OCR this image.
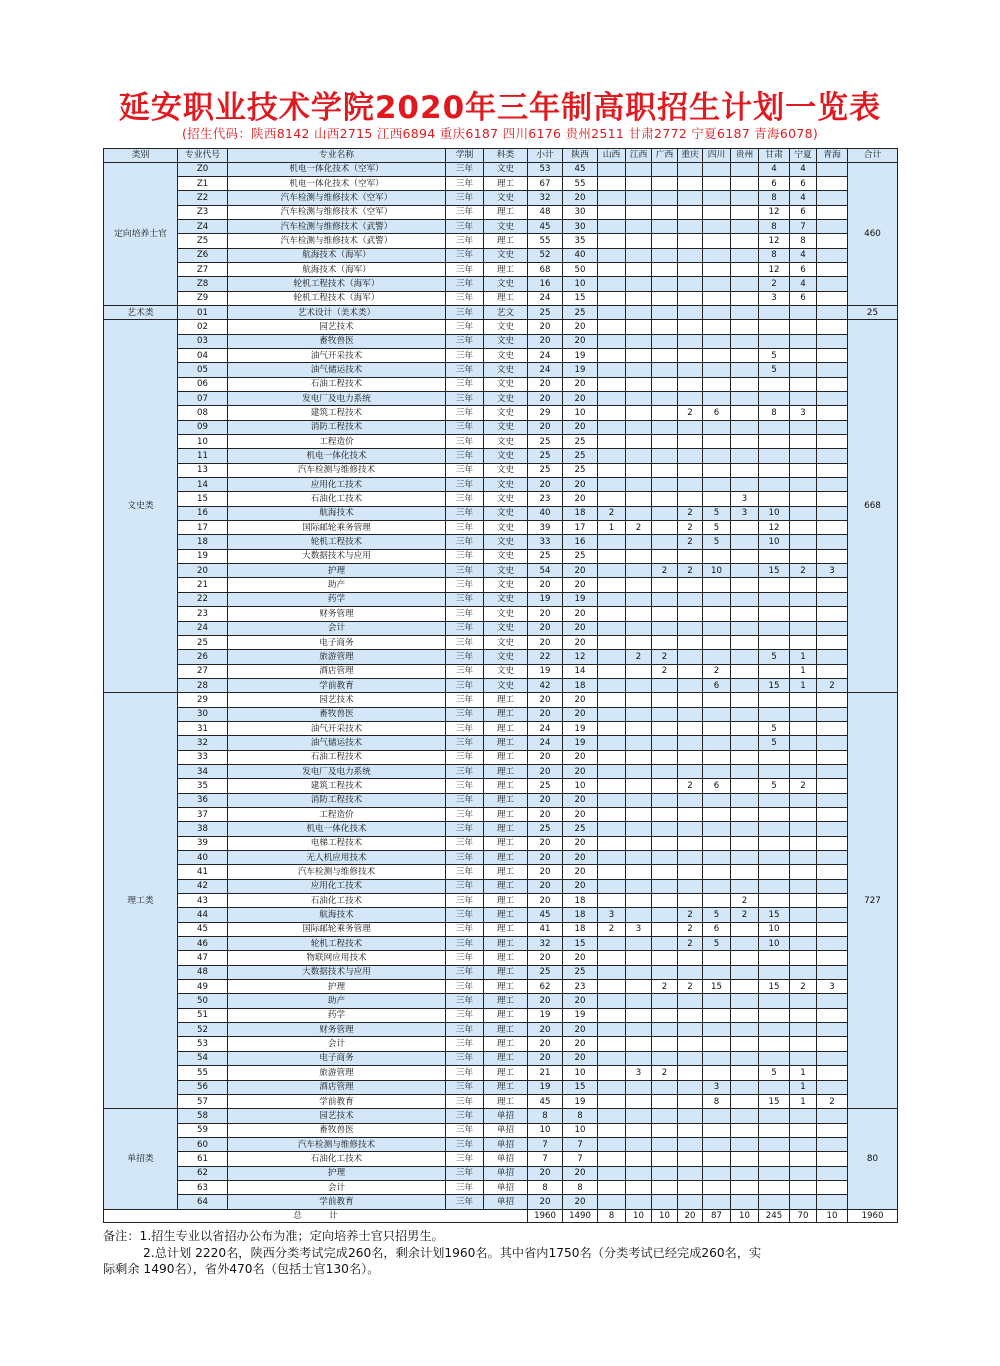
延安职业技术学院2020年三年制高职招生计划一览表
(招生代码：陕西8142 山西2715 江西6894 重庆6187 四川6176 贵州2511 甘肃2772 宁夏6187 青海6078)
类别	专业代号	专业名称	学制	科类	小计	陕西	山西	江西	广西	重庆	四川	贵州	甘肃	宁夏	青海	合计
定向培养士官	Z0	机电一体化技术（空军）	三年	文史	53	45							4	4		460
	Z1	机电一体化技术（空军）	三年	理工	67	55							6	6		
	Z2	汽车检测与维修技术（空军）	三年	文史	32	20							8	4		
	Z3	汽车检测与维修技术（空军）	三年	理工	48	30							12	6		
	Z4	汽车检测与维修技术（武警）	三年	文史	45	30							8	7		
	Z5	汽车检测与维修技术（武警）	三年	理工	55	35							12	8		
	Z6	航海技术（海军）	三年	文史	52	40							8	4		
	Z7	航海技术（海军）	三年	理工	68	50							12	6		
	Z8	轮机工程技术（海军）	三年	文史	16	10							2	4		
	Z9	轮机工程技术（海军）	三年	理工	24	15							3	6		
艺术类	01	艺术设计（美术类）	三年	艺文	25	25										25
文史类	02	园艺技术	三年	文史	20	20										668
	03	畜牧兽医	三年	文史	20	20										
	04	油气开采技术	三年	文史	24	19							5			
	05	油气储运技术	三年	文史	24	19							5			
	06	石油工程技术	三年	文史	20	20										
	07	发电厂及电力系统	三年	文史	20	20										
	08	建筑工程技术	三年	文史	29	10				2	6		8	3		
	09	消防工程技术	三年	文史	20	20										
	10	工程造价	三年	文史	25	25										
	11	机电一体化技术	三年	文史	25	25										
	13	汽车检测与维修技术	三年	文史	25	25										
	14	应用化工技术	三年	文史	20	20										
	15	石油化工技术	三年	文史	23	20						3				
	16	航海技术	三年	文史	40	18	2			2	5	3	10			
	17	国际邮轮乘务管理	三年	文史	39	17	1	2		2	5		12			
	18	轮机工程技术	三年	文史	33	16				2	5		10			
	19	大数据技术与应用	三年	文史	25	25										
	20	护理	三年	文史	54	20			2	2	10		15	2	3	
	21	助产	三年	文史	20	20										
	22	药学	三年	文史	19	19										
	23	财务管理	三年	文史	20	20										
	24	会计	三年	文史	20	20										
	25	电子商务	三年	文史	20	20										
	26	旅游管理	三年	文史	22	12		2	2				5	1		
	27	酒店管理	三年	文史	19	14			2		2			1		
	28	学前教育	三年	文史	42	18					6		15	1	2	
理工类	29	园艺技术	三年	理工	20	20										727
	30	畜牧兽医	三年	理工	20	20										
	31	油气开采技术	三年	理工	24	19							5			
	32	油气储运技术	三年	理工	24	19							5			
	33	石油工程技术	三年	理工	20	20										
	34	发电厂及电力系统	三年	理工	20	20										
	35	建筑工程技术	三年	理工	25	10				2	6		5	2		
	36	消防工程技术	三年	理工	20	20										
	37	工程造价	三年	理工	20	20										
	38	机电一体化技术	三年	理工	25	25										
	39	电梯工程技术	三年	理工	20	20										
	40	无人机应用技术	三年	理工	20	20										
	41	汽车检测与维修技术	三年	理工	20	20										
	42	应用化工技术	三年	理工	20	20										
	43	石油化工技术	三年	理工	20	18						2				
	44	航海技术	三年	理工	45	18	3			2	5	2	15			
	45	国际邮轮乘务管理	三年	理工	41	18	2	3		2	6		10			
	46	轮机工程技术	三年	理工	32	15				2	5		10			
	47	物联网应用技术	三年	理工	20	20										
	48	大数据技术与应用	三年	理工	25	25										
	49	护理	三年	理工	62	23			2	2	15		15	2	3	
	50	助产	三年	理工	20	20										
	51	药学	三年	理工	19	19										
	52	财务管理	三年	理工	20	20										
	53	会计	三年	理工	20	20										
	54	电子商务	三年	理工	20	20										
	55	旅游管理	三年	理工	21	10		3	2				5	1		
	56	酒店管理	三年	理工	19	15					3			1		
	57	学前教育	三年	理工	45	19					8		15	1	2	
单招类	58	园艺技术	三年	单招	8	8										80
	59	畜牧兽医	三年	单招	10	10										
	60	汽车检测与维修技术	三年	单招	7	7										
	61	石油化工技术	三年	单招	7	7										
	62	护理	三年	单招	20	20										
	63	会计	三年	单招	8	8										
	64	学前教育	三年	单招	20	20										
总          计					1960	1490	8	10	10	20	87	10	245	70	10	1960
备注：1.招生专业以省招办公布为准；定向培养士官只招男生。
2.总计划 2220名，陕西分类考试完成260名，剩余计划1960名。其中省内1750名（分类考试已经完成260名，实
际剩余 1490名），省外470名（包括士官130名）。
